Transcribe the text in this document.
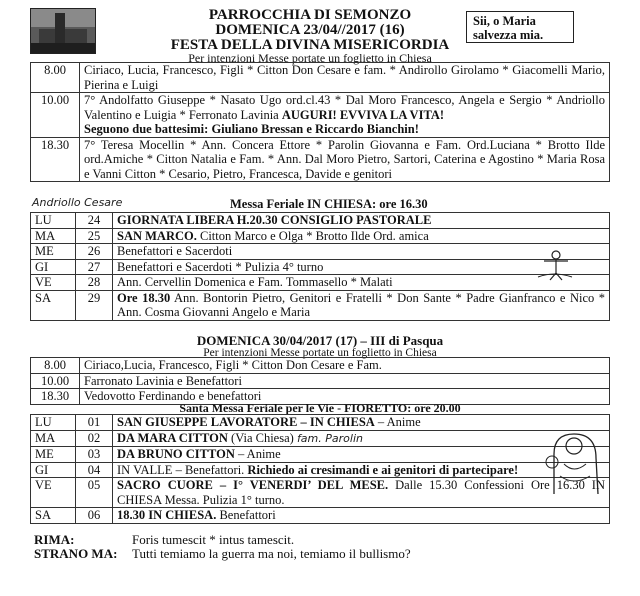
PARROCCHIA DI SEMONZO
DOMENICA 23/04//2017 (16)
FESTA DELLA DIVINA MISERICORDIA
Per intenzioni Messe portate un foglietto in Chiesa
Sii, o Maria salvezza mia.
8.00	Ciriaco, Lucia, Francesco, Figli * Citton Don Cesare e fam. * Andirollo Girolamo * Giacomelli Mario, Pierina e Luigi
10.00	7° Andolfatto Giuseppe * Nasato Ugo ord.cl.43 * Dal Moro Francesco, Angela e Sergio * Andriollo Valentino e Luigia * Ferronato Lavinia AUGURI! EVVIVA LA VITA!
Seguono due battesimi: Giuliano Bressan e Riccardo Bianchin!
18.30	7° Teresa Mocellin * Ann. Concera Ettore * Parolin Giovanna e Fam. Ord.Luciana * Brotto Ilde ord.Amiche * Citton Natalia e Fam. * Ann. Dal Moro Pietro, Sartori, Caterina e Agostino * Maria Rosa e Vanni Citton * Cesario, Pietro, Francesca, Davide e genitori
Andriollo Cesare	Messa Feriale IN CHIESA: ore 16.30
LU	24	GIORNATA LIBERA H.20.30 CONSIGLIO PASTORALE
MA	25	SAN MARCO. Citton Marco e Olga * Brotto Ilde Ord. amica
ME	26	Benefattori e Sacerdoti
GI	27	Benefattori e Sacerdoti * Pulizia 4° turno
VE	28	Ann. Cervellin Domenica e Fam. Tommasello * Malati
SA	29	Ore 18.30 Ann. Bontorin Pietro, Genitori e Fratelli * Don Sante * Padre Gianfranco e Nico * Ann. Cosma Giovanni Angelo e Maria
DOMENICA 30/04/2017 (17) – III di Pasqua
Per intenzioni Messe portate un foglietto in Chiesa
8.00	Ciriaco,Lucia, Francesco, Figli * Citton Don Cesare e Fam.
10.00	Farronato Lavinia e Benefattori
18.30	Vedovotto Ferdinando e benefattori
Santa Messa Feriale per le Vie - FIORETTO: ore 20.00
LU	01	SAN GIUSEPPE LAVORATORE – IN CHIESA – Anime
MA	02	DA MARA CITTON (Via Chiesa) fam. Parolin
ME	03	DA BRUNO CITTON – Anime
GI	04	IN VALLE – Benefattori. Richiedo ai cresimandi e ai genitori di partecipare!
VE	05	SACRO CUORE – I° VENERDI’ DEL MESE. Dalle 15.30 Confessioni Ore 16.30 IN CHIESA Messa. Pulizia 1° turno.
SA	06	18.30 IN CHIESA. Benefattori
RIMA:	Foris tumescit * intus tamescit.
STRANO MA: Tutti temiamo la guerra ma noi, temiamo il bullismo?
